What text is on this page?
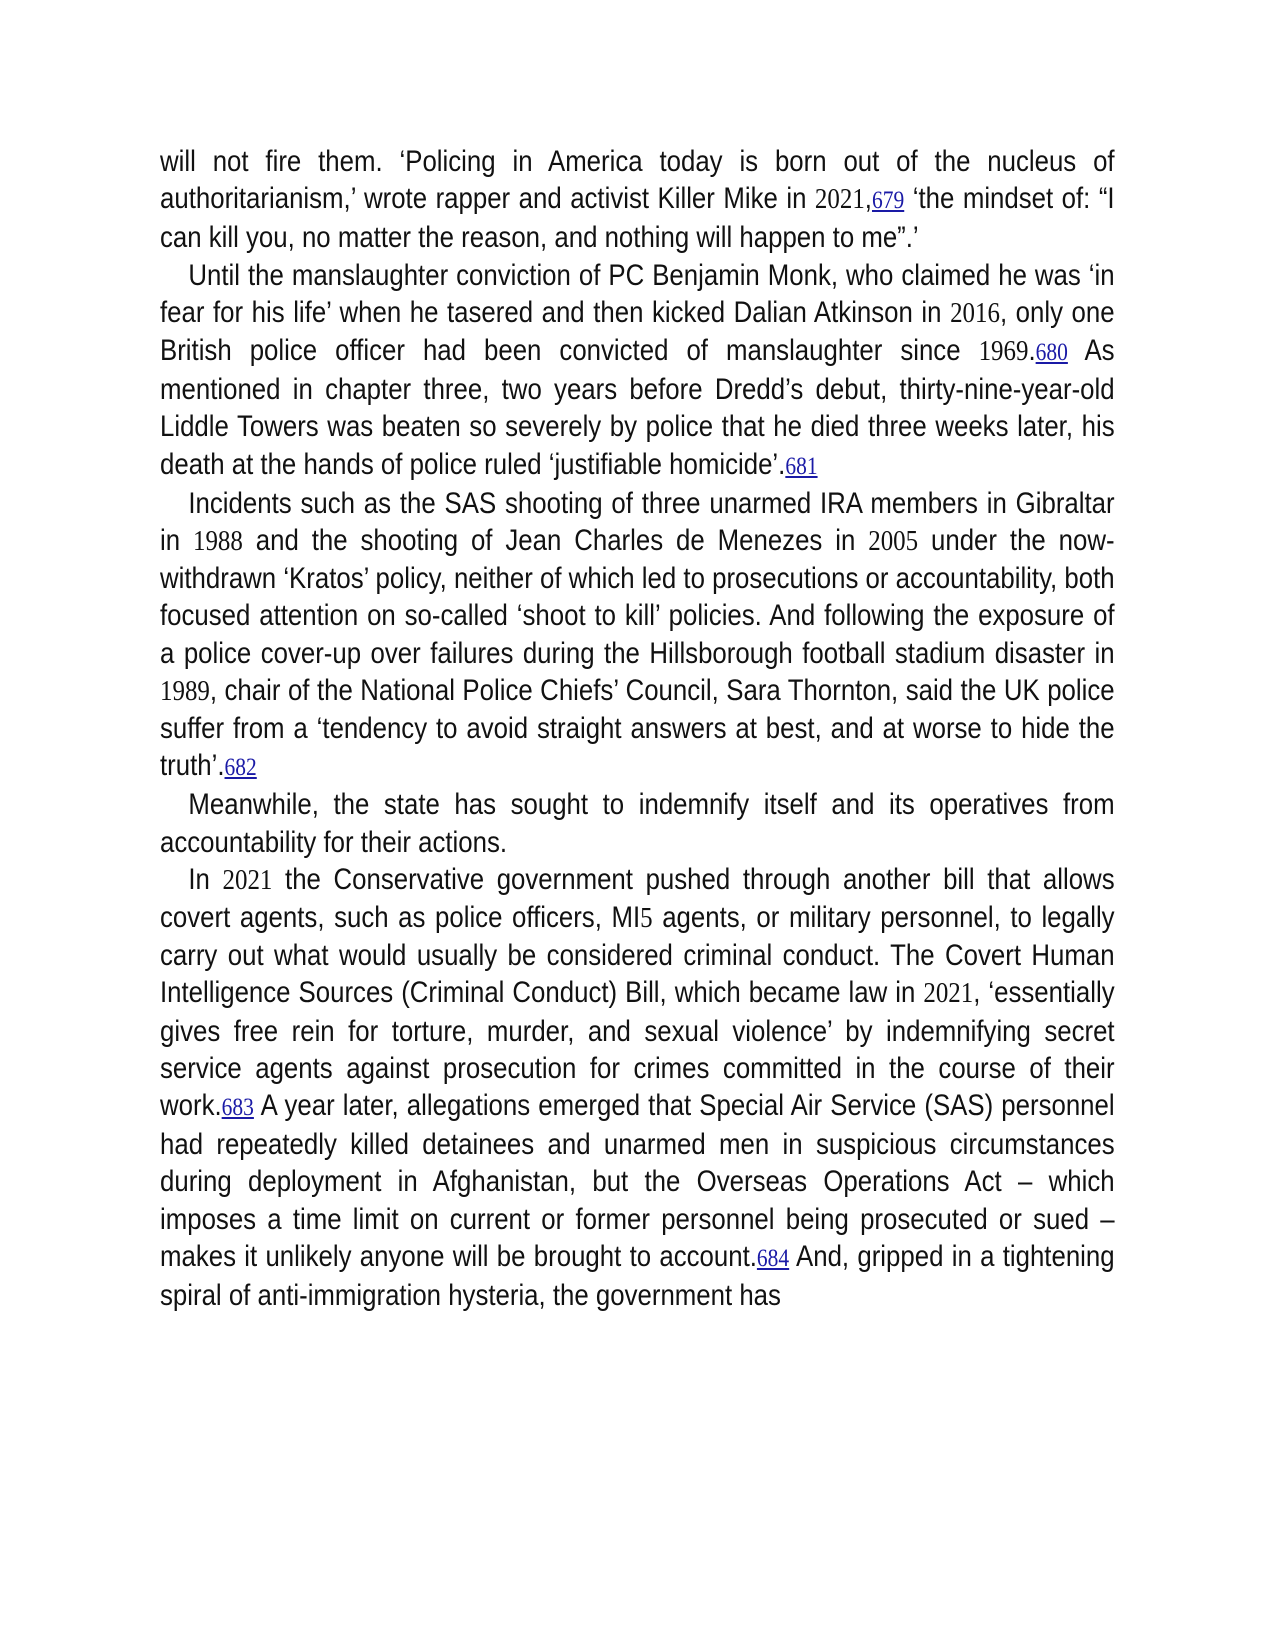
will not fire them. ‘Policing in America today is born out of the nucleus of authoritarianism,’ wrote rapper and activist Killer Mike in 2021,679 ‘the mindset of: “I can kill you, no matter the reason, and nothing will happen to me”.’

Until the manslaughter conviction of PC Benjamin Monk, who claimed he was ‘in fear for his life’ when he tasered and then kicked Dalian Atkinson in 2016, only one British police officer had been convicted of manslaughter since 1969.680 As mentioned in chapter three, two years before Dredd’s debut, thirty-nine-year-old Liddle Towers was beaten so severely by police that he died three weeks later, his death at the hands of police ruled ‘justifiable homicide’.681

Incidents such as the SAS shooting of three unarmed IRA members in Gibraltar in 1988 and the shooting of Jean Charles de Menezes in 2005 under the now-withdrawn ‘Kratos’ policy, neither of which led to prosecutions or accountability, both focused attention on so-called ‘shoot to kill’ policies. And following the exposure of a police cover-up over failures during the Hillsborough football stadium disaster in 1989, chair of the National Police Chiefs’ Council, Sara Thornton, said the UK police suffer from a ‘tendency to avoid straight answers at best, and at worse to hide the truth’.682

Meanwhile, the state has sought to indemnify itself and its operatives from accountability for their actions.

In 2021 the Conservative government pushed through another bill that allows covert agents, such as police officers, MI5 agents, or military personnel, to legally carry out what would usually be considered criminal conduct. The Covert Human Intelligence Sources (Criminal Conduct) Bill, which became law in 2021, ‘essentially gives free rein for torture, murder, and sexual violence’ by indemnifying secret service agents against prosecution for crimes committed in the course of their work.683 A year later, allegations emerged that Special Air Service (SAS) personnel had repeatedly killed detainees and unarmed men in suspicious circumstances during deployment in Afghanistan, but the Overseas Operations Act – which imposes a time limit on current or former personnel being prosecuted or sued – makes it unlikely anyone will be brought to account.684 And, gripped in a tightening spiral of anti-immigration hysteria, the government has
